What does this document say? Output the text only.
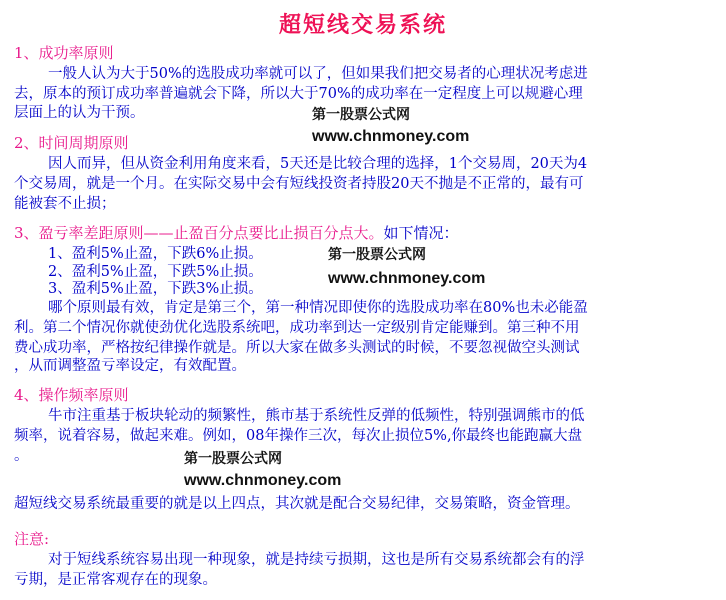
超短线交易系统
1、成功率原则
一般人认为大于50%的选股成功率就可以了，但如果我们把交易者的心理状况考虑进
去，原本的预订成功率普遍就会下降，所以大于70%的成功率在一定程度上可以规避心理
层面上的认为干预。	第一股票公式网
www.chnmoney.com
2、时间周期原则
因人而异，但从资金利用角度来看，5天还是比较合理的选择，1个交易周，20天为4
个交易周，就是一个月。在实际交易中会有短线投资者持股20天不抛是不正常的，最有可
能被套不止损；
3、盈亏率差距原则——止盈百分点要比止损百分点大。如下情况：
1、盈利5%止盈，下跌6%止损。
2、盈利5%止盈，下跌5%止损。
3、盈利5%止盈，下跌3%止损。
第一股票公式网
www.chnmoney.com
哪个原则最有效，肯定是第三个，第一种情况即使你的选股成功率在80%也未必能盈
利。第二个情况你就使劲优化选股系统吧，成功率到达一定级别肯定能赚到。第三种不用
费心成功率，严格按纪律操作就是。所以大家在做多头测试的时候，不要忽视做空头测试
，从而调整盈亏率设定，有效配置。
4、操作频率原则
牛市注重基于板块轮动的频繁性，熊市基于系统性反弹的低频性，特别强调熊市的低
频率，说着容易，做起来难。例如，08年操作三次，每次止损位5%,你最终也能跑赢大盘
。	第一股票公式网
www.chnmoney.com
超短线交易系统最重要的就是以上四点，其次就是配合交易纪律，交易策略，资金管理。
注意:
对于短线系统容易出现一种现象，就是持续亏损期，这也是所有交易系统都会有的浮
亏期，是正常客观存在的现象。
